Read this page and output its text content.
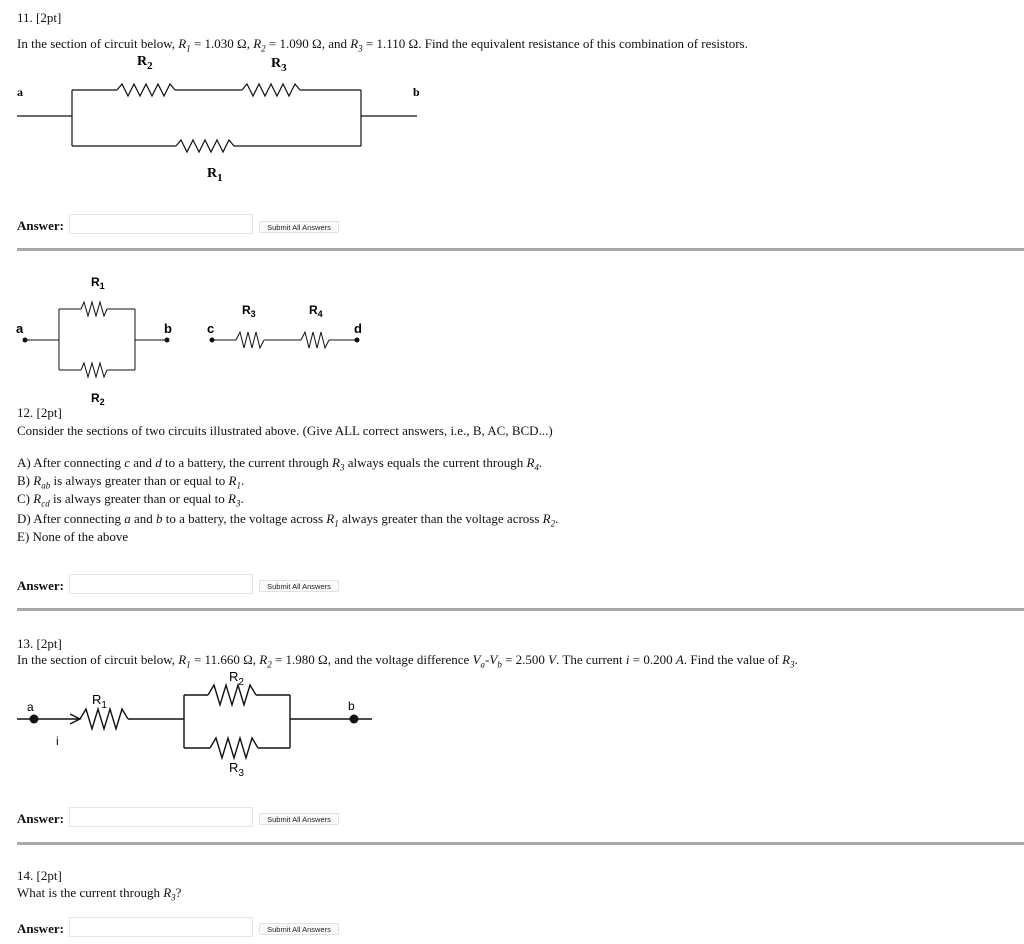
11. [2pt]
In the section of circuit below, $R_1 = 1.030$ Ω, $R_2 = 1.090$ Ω, and $R_3 = 1.110$ Ω. Find the equivalent resistance of this combination of resistors.
a	b
$R_2$	$R_3$
$R_1$
Answer:	Submit All Answers
a	b	c	d
$R_1$
$R_2$
$R_3$	$R_4$
12. [2pt]
Consider the sections of two circuits illustrated above. (Give ALL correct answers, i.e., B, AC, BCD...)
A) After connecting c and d to a battery, the current through $R_3$ always equals the current through $R_4$.
B) $R_{ab}$ is always greater than or equal to $R_1$.
C) $R_{cd}$ is always greater than or equal to $R_3$.
D) After connecting a and b to a battery, the voltage across $R_1$ always greater than the voltage across $R_2$.
E) None of the above
Answer:	Submit All Answers
13. [2pt]
In the section of circuit below, $R_1 = 11.660$ Ω, $R_2 = 1.980$ Ω, and the voltage difference $V_a-V_b = 2.500$ V. The current i = 0.200 A. Find the value of $R_3$.
a	b
i
$R_1$
$R_2$
$R_3$
Answer:	Submit All Answers
14. [2pt]
What is the current through $R_3$?
Answer:	Submit All Answers
